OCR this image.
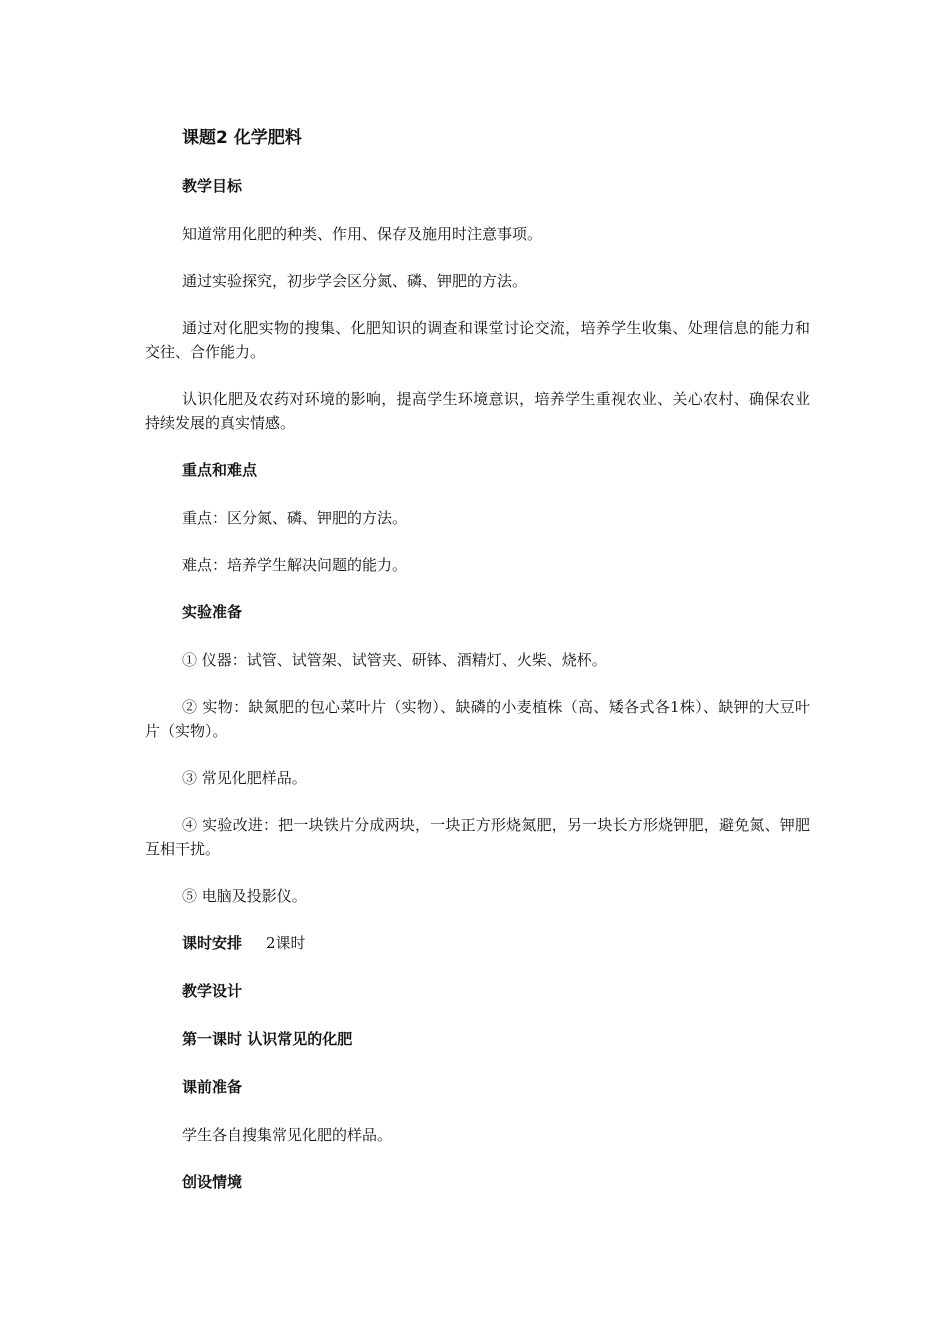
课题2 化学肥料
教学目标
知道常用化肥的种类、作用、保存及施用时注意事项。
通过实验探究，初步学会区分氮、磷、钾肥的方法。
通过对化肥实物的搜集、化肥知识的调查和课堂讨论交流，培养学生收集、处理信息的能力和交往、合作能力。
认识化肥及农药对环境的影响，提高学生环境意识，培养学生重视农业、关心农村、确保农业持续发展的真实情感。
重点和难点
重点：区分氮、磷、钾肥的方法。
难点：培养学生解决问题的能力。
实验准备
① 仪器：试管、试管架、试管夹、研钵、酒精灯、火柴、烧杯。
② 实物：缺氮肥的包心菜叶片（实物）、缺磷的小麦植株（高、矮各式各1株）、缺钾的大豆叶片（实物）。
③ 常见化肥样品。
④ 实验改进：把一块铁片分成两块，一块正方形烧氮肥，另一块长方形烧钾肥，避免氮、钾肥互相干扰。
⑤ 电脑及投影仪。
课时安排 2课时
教学设计
第一课时 认识常见的化肥
课前准备
学生各自搜集常见化肥的样品。
创设情境
